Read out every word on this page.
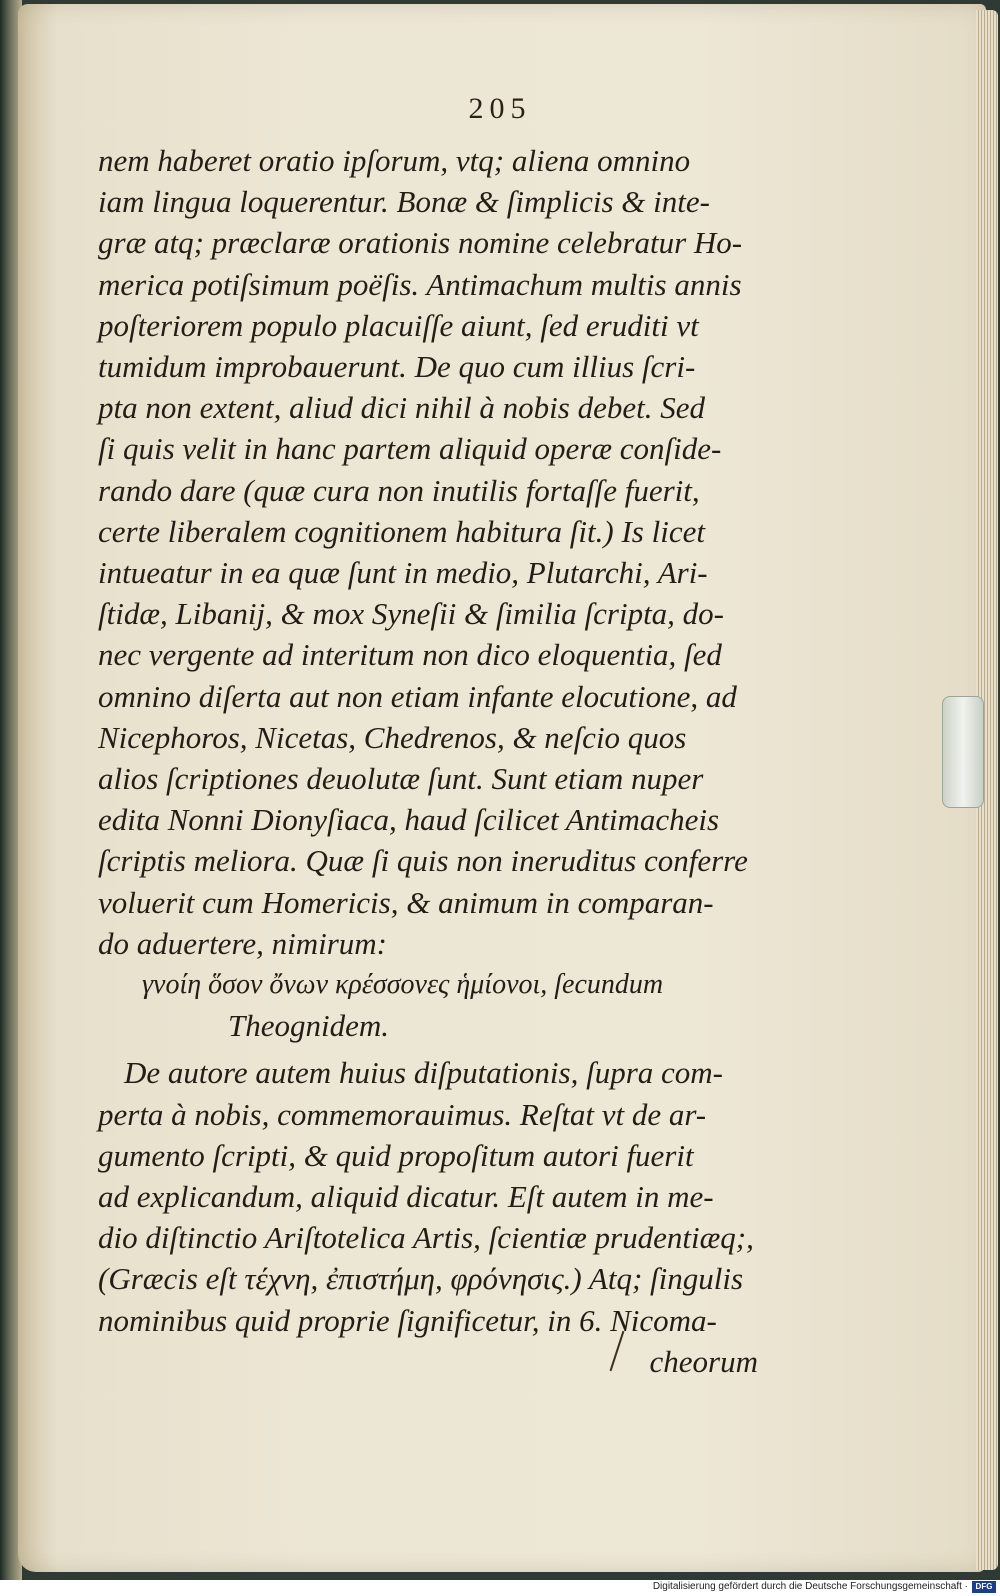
205
nem haberet oratio ipſorum, vtq; aliena omnino
iam lingua loquerentur. Bonæ & ſimplicis & inte-
græ atq; præclaræ orationis nomine celebratur Ho-
merica potiſsimum poëſis. Antimachum multis annis
poſteriorem populo placuiſſe aiunt, ſed eruditi vt
tumidum improbauerunt. De quo cum illius ſcri-
pta non extent, aliud dici nihil à nobis debet. Sed
ſi quis velit in hanc partem aliquid operæ conſide-
rando dare (quæ cura non inutilis fortaſſe fuerit,
certe liberalem cognitionem habitura ſit.) Is licet
intueatur in ea quæ ſunt in medio, Plutarchi, Ari-
ſtidæ, Libanij, & mox Syneſii & ſimilia ſcripta, do-
nec vergente ad interitum non dico eloquentia, ſed
omnino diſerta aut non etiam infante elocutione, ad
Nicephoros, Nicetas, Chedrenos, & neſcio quos
alios ſcriptiones deuolutæ ſunt. Sunt etiam nuper
edita Nonni Dionyſiaca, haud ſcilicet Antimacheis
ſcriptis meliora. Quæ ſi quis non ineruditus conferre
voluerit cum Homericis, & animum in comparan-
do aduertere, nimirum:
γνοίη ὅσον ὄνων κρέσσονες ἡμίονοι, ſecundum
Theognidem.
De autore autem huius diſputationis, ſupra com-
perta à nobis, commemorauimus. Reſtat vt de ar-
gumento ſcripti, & quid propoſitum autori fuerit
ad explicandum, aliquid dicatur. Eſt autem in me-
dio diſtinctio Ariſtotelica Artis, ſcientiæ prudentiæq;,
(Græcis eſt τέχνη, ἐπιστήμη, φρόνησις.) Atq; ſingulis
nominibus quid proprie ſignificetur, in 6. Nicoma-
cheorum
Digitalisierung gefördert durch die Deutsche Forschungsgemeinschaft · DFG
